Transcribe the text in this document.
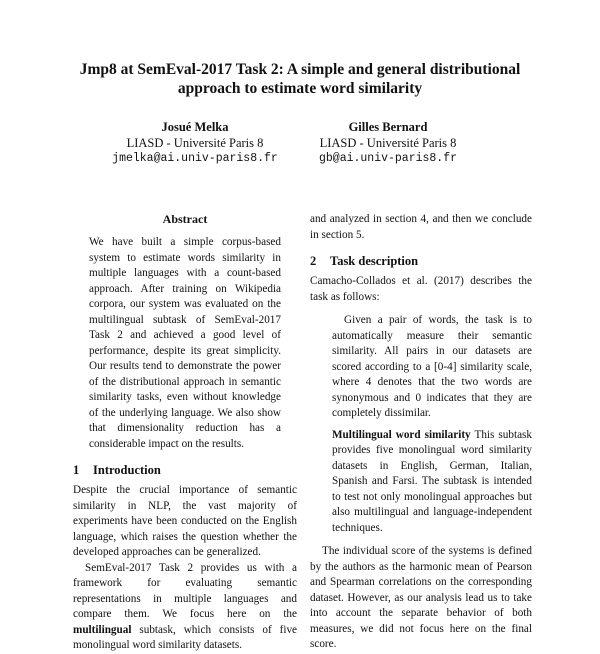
Jmp8 at SemEval-2017 Task 2: A simple and general distributional
approach to estimate word similarity
Josué Melka
LIASD - Université Paris 8
jmelka@ai.univ-paris8.fr
Gilles Bernard
LIASD - Université Paris 8
gb@ai.univ-paris8.fr
Abstract

We have built a simple corpus-based system to estimate words similarity in multiple languages with a count-based approach. After training on Wikipedia corpora, our system was evaluated on the multilingual subtask of SemEval-2017 Task 2 and achieved a good level of performance, despite its great simplicity. Our results tend to demonstrate the power of the distributional approach in semantic similarity tasks, even without knowledge of the underlying language. We also show that dimensionality reduction has a considerable impact on the results.

1 Introduction

Despite the crucial importance of semantic similarity in NLP, the vast majority of experiments have been conducted on the English language, which raises the question whether the developed approaches can be generalized.

SemEval-2017 Task 2 provides us with a framework for evaluating semantic representations in multiple languages and compare them. We focus here on the multilingual subtask, which consists of five monolingual word similarity datasets.

and analyzed in section 4, and then we conclude in section 5.

2 Task description

Camacho-Collados et al. (2017) describes the task as follows:

Given a pair of words, the task is to automatically measure their semantic similarity. All pairs in our datasets are scored according to a [0-4] similarity scale, where 4 denotes that the two words are synonymous and 0 indicates that they are completely dissimilar.

Multilingual word similarity This subtask provides five monolingual word similarity datasets in English, German, Italian, Spanish and Farsi. The subtask is intended to test not only monolingual approaches but also multilingual and language-independent techniques.

The individual score of the systems is defined by the authors as the harmonic mean of Pearson and Spearman correlations on the corresponding dataset. However, as our analysis lead us to take into account the separate behavior of both measures, we did not focus here on the final score.
